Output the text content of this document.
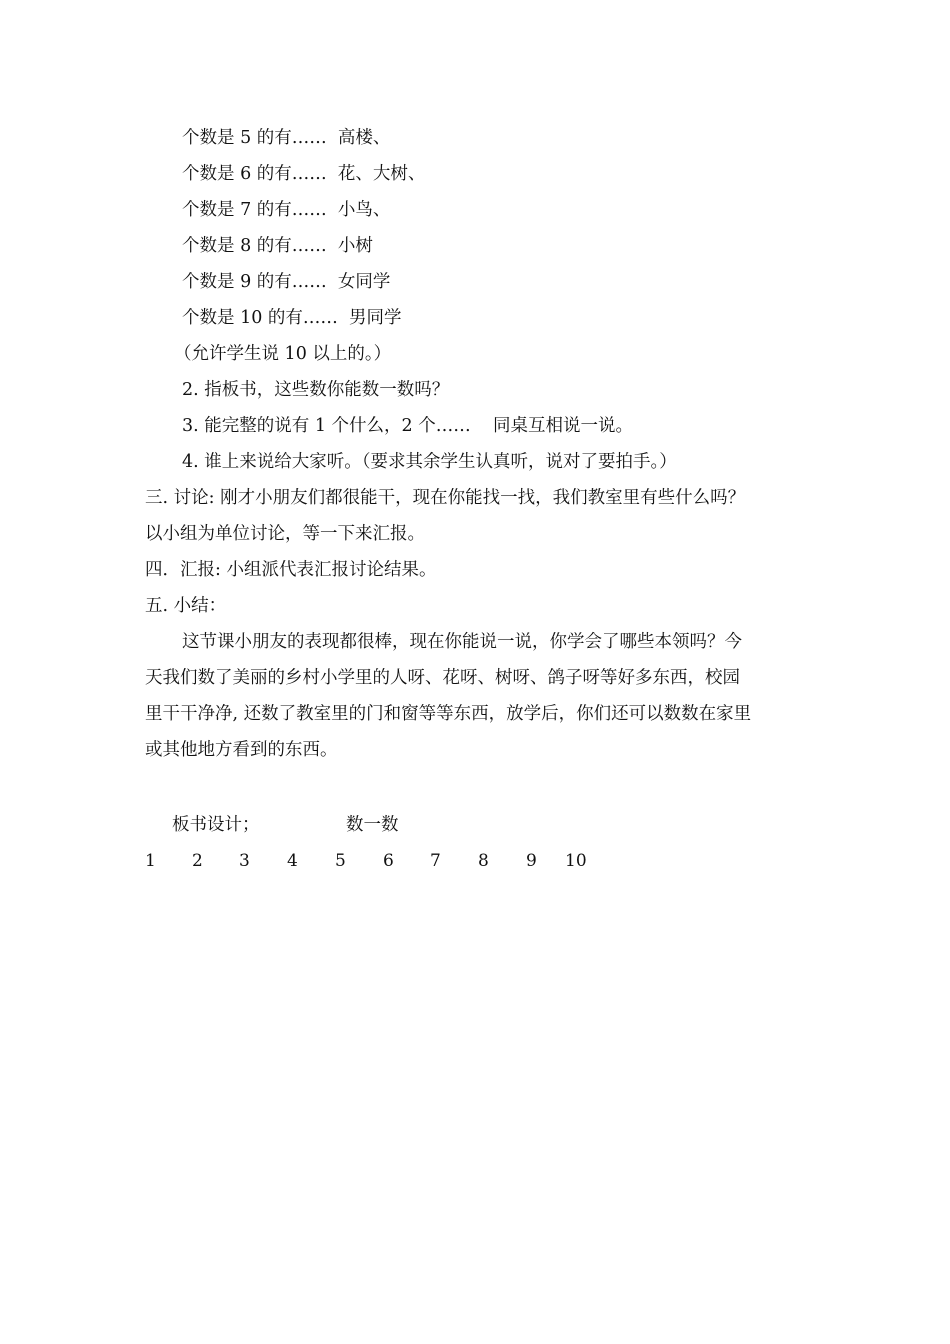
个数是 5 的有……  高楼、
个数是 6 的有……  花、大树、
个数是 7 的有……  小鸟、
个数是 8 的有……  小树
个数是 9 的有……  女同学
个数是 10 的有……  男同学
（允许学生说 10 以上的。）
2. 指板书，这些数你能数一数吗？
3. 能完整的说有 1 个什么，2 个……    同桌互相说一说。
4. 谁上来说给大家听。（要求其余学生认真听，说对了要拍手。）
三. 讨论: 刚才小朋友们都很能干，现在你能找一找，我们教室里有些什么吗？
以小组为单位讨论，等一下来汇报。
四．汇报: 小组派代表汇报讨论结果。
五. 小结：
这节课小朋友的表现都很棒，现在你能说一说，你学会了哪些本领吗？今
天我们数了美丽的乡村小学里的人呀、花呀、树呀、鸽子呀等好多东西，校园
里干干净净, 还数了教室里的门和窗等等东西，放学后，你们还可以数数在家里
或其他地方看到的东西。
板书设计；	数一数
1 2 3 4 5 6 7 8 9 10
